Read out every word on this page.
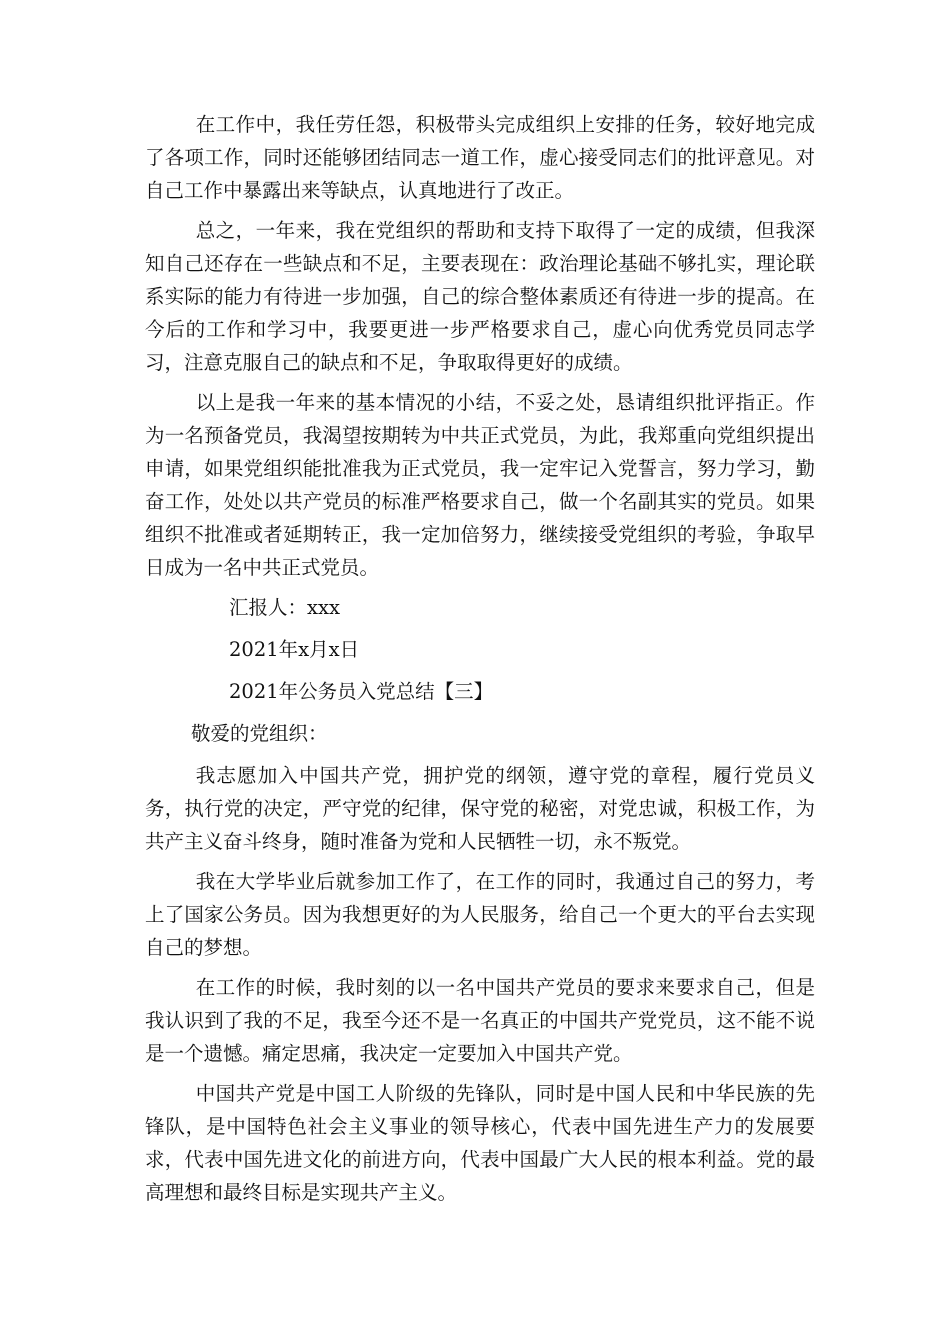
在工作中，我任劳任怨，积极带头完成组织上安排的任务，较好地完成了各项工作，同时还能够团结同志一道工作，虚心接受同志们的批评意见。对自己工作中暴露出来等缺点，认真地进行了改正。

总之，一年来，我在党组织的帮助和支持下取得了一定的成绩，但我深知自己还存在一些缺点和不足，主要表现在：政治理论基础不够扎实，理论联系实际的能力有待进一步加强，自己的综合整体素质还有待进一步的提高。在今后的工作和学习中，我要更进一步严格要求自己，虚心向优秀党员同志学习，注意克服自己的缺点和不足，争取取得更好的成绩。

以上是我一年来的基本情况的小结，不妥之处，恳请组织批评指正。作为一名预备党员，我渴望按期转为中共正式党员，为此，我郑重向党组织提出申请，如果党组织能批准我为正式党员，我一定牢记入党誓言，努力学习，勤奋工作，处处以共产党员的标准严格要求自己，做一个名副其实的党员。如果组织不批准或者延期转正，我一定加倍努力，继续接受党组织的考验，争取早日成为一名中共正式党员。

汇报人：xxx

2021年x月x日

2021年公务员入党总结【三】

敬爱的党组织：

我志愿加入中国共产党，拥护党的纲领，遵守党的章程，履行党员义务，执行党的决定，严守党的纪律，保守党的秘密，对党忠诚，积极工作，为共产主义奋斗终身，随时准备为党和人民牺牲一切，永不叛党。

我在大学毕业后就参加工作了，在工作的同时，我通过自己的努力，考上了国家公务员。因为我想更好的为人民服务，给自己一个更大的平台去实现自己的梦想。

在工作的时候，我时刻的以一名中国共产党员的要求来要求自己，但是我认识到了我的不足，我至今还不是一名真正的中国共产党党员，这不能不说是一个遗憾。痛定思痛，我决定一定要加入中国共产党。

中国共产党是中国工人阶级的先锋队，同时是中国人民和中华民族的先锋队，是中国特色社会主义事业的领导核心，代表中国先进生产力的发展要求，代表中国先进文化的前进方向，代表中国最广大人民的根本利益。党的最高理想和最终目标是实现共产主义。
